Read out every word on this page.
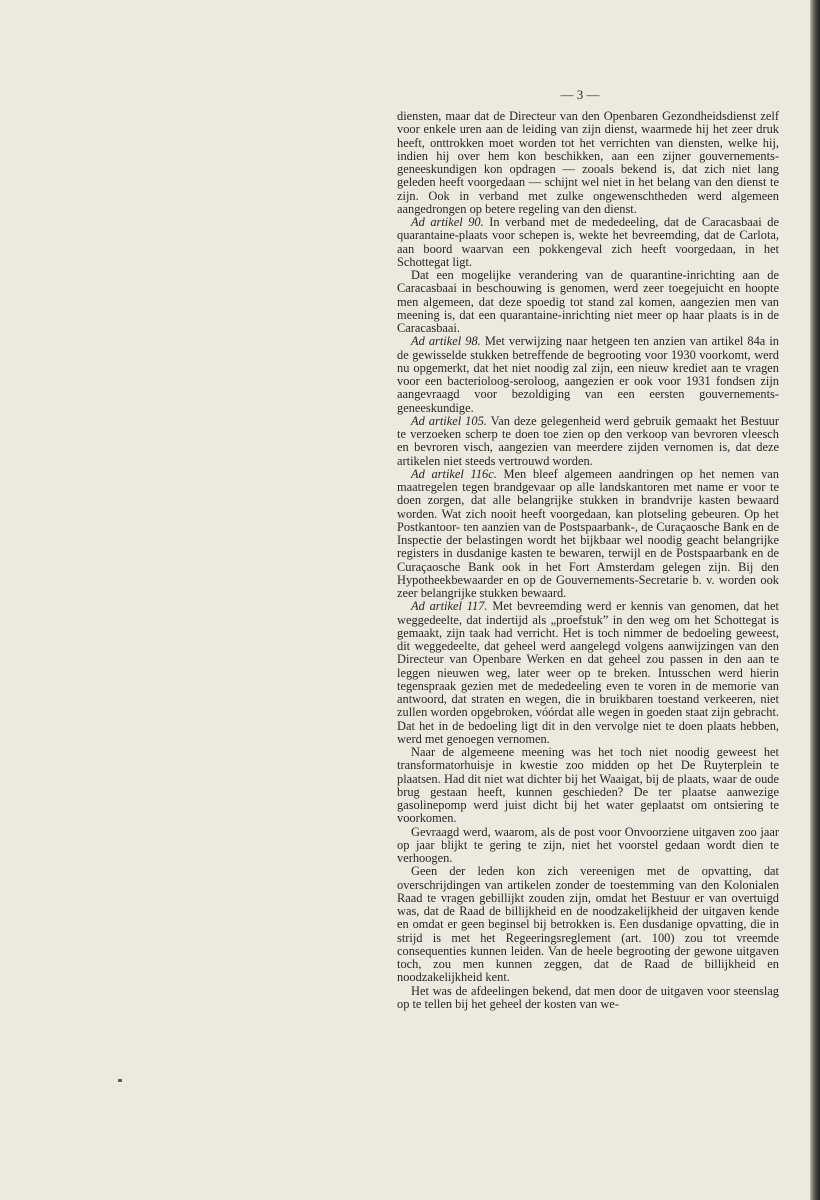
— 3 —

diensten, maar dat de Directeur van den Openbaren Gezondheidsdienst zelf voor enkele uren aan de leiding van zijn dienst, waarmede hij het zeer druk heeft, onttrokken moet worden tot het verrichten van diensten, welke hij, indien hij over hem kon beschikken, aan een zijner gouvernements-geneeskundigen kon opdragen — zooals bekend is, dat zich niet lang geleden heeft voorgedaan — schijnt wel niet in het belang van den dienst te zijn. Ook in verband met zulke ongewenschtheden werd algemeen aangedrongen op betere regeling van den dienst.

Ad artikel 90. In verband met de mededeeling, dat de Caracasbaai de quarantaine-plaats voor schepen is, wekte het bevreemding, dat de Carlota, aan boord waarvan een pokkengeval zich heeft voorgedaan, in het Schottegat ligt.

Dat een mogelijke verandering van de quarantine-inrichting aan de Caracasbaai in beschouwing is genomen, werd zeer toegejuicht en hoopte men algemeen, dat deze spoedig tot stand zal komen, aangezien men van meening is, dat een quarantaine-inrichting niet meer op haar plaats is in de Caracasbaai.

Ad artikel 98. Met verwijzing naar hetgeen ten anzien van artikel 84a in de gewisselde stukken betreffende de begrooting voor 1930 voorkomt, werd nu opgemerkt, dat het niet noodig zal zijn, een nieuw krediet aan te vragen voor een bacterioloog-seroloog, aangezien er ook voor 1931 fondsen zijn aangevraagd voor bezoldiging van een eersten gouvernements-geneeskundige.

Ad artikel 105. Van deze gelegenheid werd gebruik gemaakt het Bestuur te verzoeken scherp te doen toe zien op den verkoop van bevroren vleesch en bevroren visch, aangezien van meerdere zijden vernomen is, dat deze artikelen niet steeds vertrouwd worden.

Ad artikel 116c. Men bleef algemeen aandringen op het nemen van maatregelen tegen brandgevaar op alle landskantoren met name er voor te doen zorgen, dat alle belangrijke stukken in brandvrije kasten bewaard worden. Wat zich nooit heeft voorgedaan, kan plotseling gebeuren. Op het Postkantoor- ten aanzien van de Postspaarbank-, de Curaçaosche Bank en de Inspectie der belastingen wordt het bijkbaar wel noodig geacht belangrijke registers in dusdanige kasten te bewaren, terwijl en de Postspaarbank en de Curaçaosche Bank ook in het Fort Amsterdam gelegen zijn. Bij den Hypotheekbewaarder en op de Gouvernements-Secretarie b. v. worden ook zeer belangrijke stukken bewaard.

Ad artikel 117. Met bevreemding werd er kennis van genomen, dat het weggedeelte, dat indertijd als „proefstuk” in den weg om het Schottegat is gemaakt, zijn taak had verricht. Het is toch nimmer de bedoeling geweest, dit weggedeelte, dat geheel werd aangelegd volgens aanwijzingen van den Directeur van Openbare Werken en dat geheel zou passen in den aan te leggen nieuwen weg, later weer op te breken. Intusschen werd hierin tegenspraak gezien met de mededeeling even te voren in de memorie van antwoord, dat straten en wegen, die in bruikbaren toestand verkeeren, niet zullen worden opgebroken, vóórdat alle wegen in goeden staat zijn gebracht. Dat het in de bedoeling ligt dit in den vervolge niet te doen plaats hebben, werd met genoegen vernomen.

Naar de algemeene meening was het toch niet noodig geweest het transformatorhuisje in kwestie zoo midden op het De Ruyterplein te plaatsen. Had dit niet wat dichter bij het Waaigat, bij de plaats, waar de oude brug gestaan heeft, kunnen geschieden? De ter plaatse aanwezige gasolinepomp werd juist dicht bij het water geplaatst om ontsiering te voorkomen.

Gevraagd werd, waarom, als de post voor Onvoorziene uitgaven zoo jaar op jaar blijkt te gering te zijn, niet het voorstel gedaan wordt dien te verhoogen.

Geen der leden kon zich vereenigen met de opvatting, dat overschrijdingen van artikelen zonder de toestemming van den Kolonialen Raad te vragen gebillijkt zouden zijn, omdat het Bestuur er van overtuigd was, dat de Raad de billijkheid en de noodzakelijkheid der uitgaven kende en omdat er geen beginsel bij betrokken is. Een dusdanige opvatting, die in strijd is met het Regeeringsreglement (art. 100) zou tot vreemde consequenties kunnen leiden. Van de heele begrooting der gewone uitgaven toch, zou men kunnen zeggen, dat de Raad de billijkheid en noodzakelijkheid kent.

Het was de afdeelingen bekend, dat men door de uitgaven voor steenslag op te tellen bij het geheel der kosten van we-
